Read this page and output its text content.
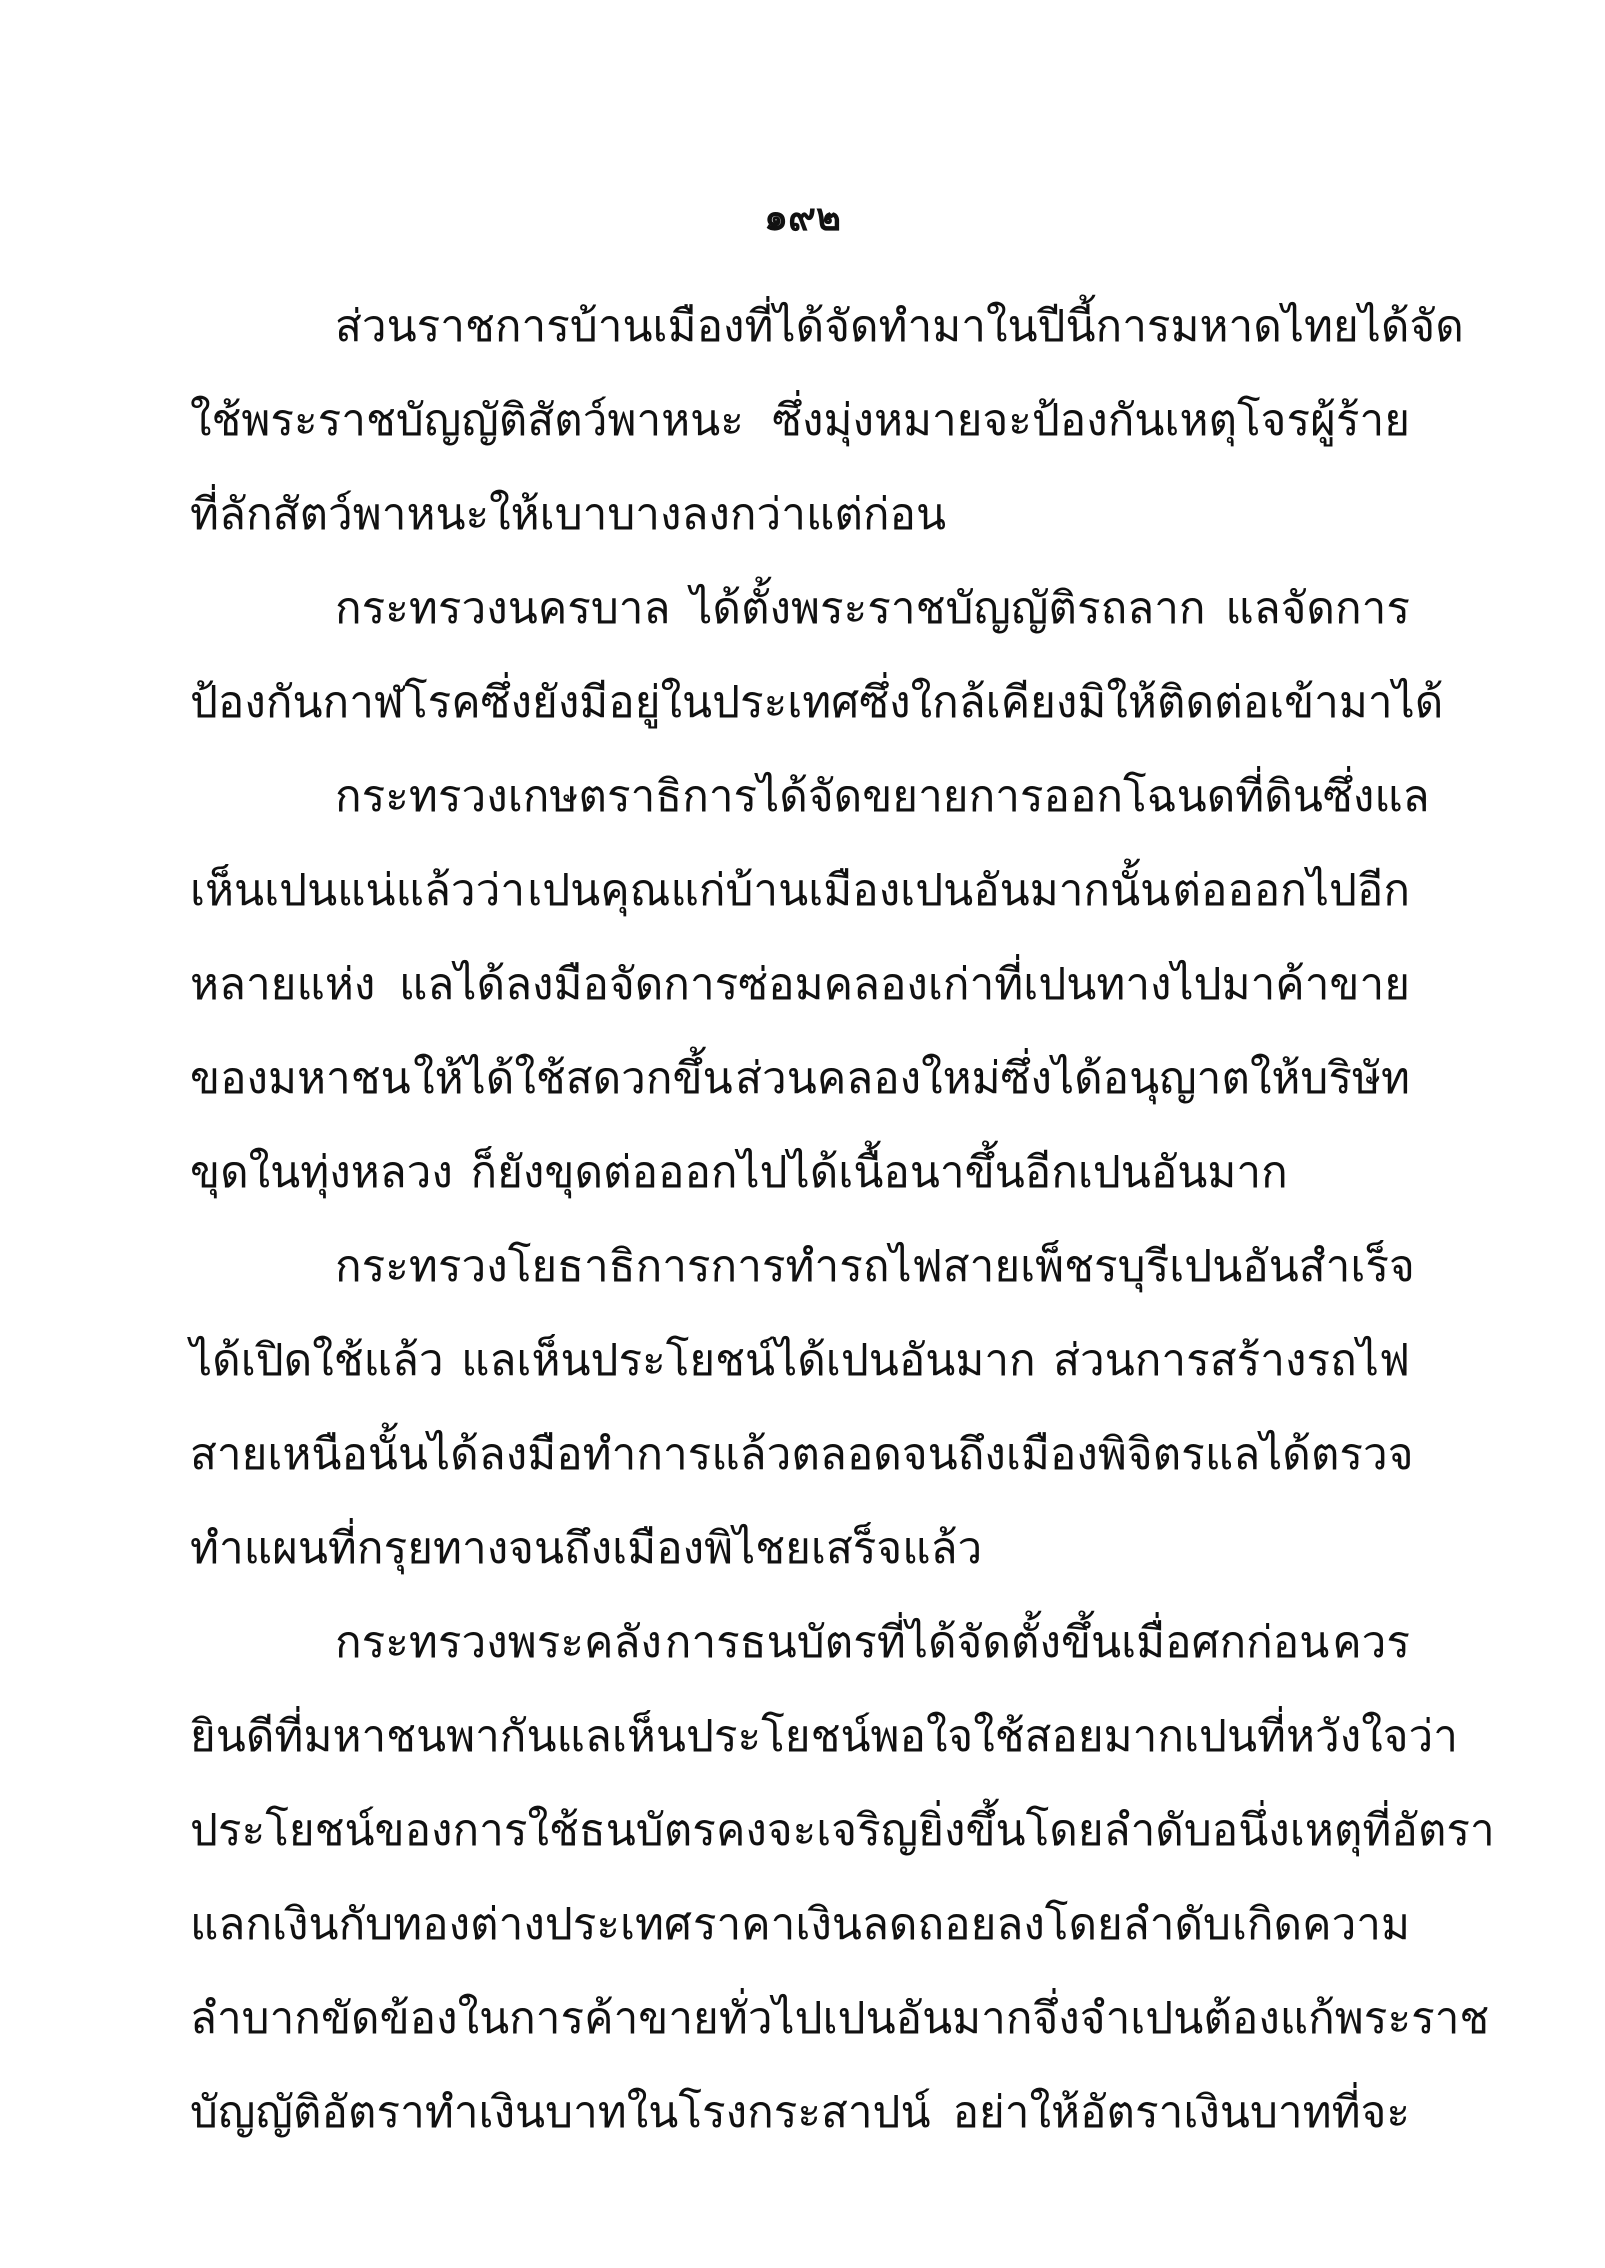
๑๙๒
ส่วนราชการบ้านเมืองที่ได้จัดทำมาในปีนี้ การมหาดไทยได้จัด
ใช้พระราชบัญญัติสัตว์พาหนะ ซึ่งมุ่งหมายจะป้องกันเหตุโจรผู้ร้าย
ที่ลักสัตว์พาหนะให้เบาบางลงกว่าแต่ก่อน
กระทรวงนครบาล ได้ตั้งพระราชบัญญัติรถลาก แลจัดการ
ป้องกันกาฬโรคซึ่งยังมีอยู่ในประเทศซึ่งใกล้เคียง มิให้ติดต่อเข้ามาได้
กระทรวงเกษตราธิการ ได้จัดขยายการออกโฉนดที่ดิน ซึ่งแล
เห็นเปนแน่แล้วว่า เปนคุณแก่บ้านเมืองเปนอันมากนั้น ต่อออกไปอีก
หลายแห่ง แลได้ลงมือจัดการซ่อมคลองเก่าที่เปนทางไปมาค้าขาย
ของมหาชน ให้ได้ใช้สดวกขึ้น ส่วนคลองใหม่ซึ่งได้อนุญาตให้บริษัท
ขุดในทุ่งหลวง ก็ยังขุดต่อออกไปได้เนื้อนาขึ้นอีกเปนอันมาก
กระทรวงโยธาธิการ การทำรถไฟสายเพ็ชรบุรีเปนอันสำเร็จ
ได้เปิดใช้แล้ว แลเห็นประโยชน์ได้เปนอันมาก ส่วนการสร้างรถไฟ
สายเหนือนั้น ได้ลงมือทำการแล้วตลอดจนถึงเมืองพิจิตร แลได้ตรวจ
ทำแผนที่กรุยทางจนถึงเมืองพิไชยเสร็จแล้ว
กระทรวงพระคลัง การธนบัตรที่ได้จัดตั้งขึ้นเมื่อศกก่อน ควร
ยินดีที่มหาชนพากันแลเห็นประโยชน์พอใจใช้สอยมาก เปนที่หวังใจว่า
ประโยชน์ของการใช้ธนบัตรคงจะเจริญยิ่งขึ้นโดยลำดับ อนึ่งเหตุที่อัตรา
แลกเงินกับทองต่างประเทศ ราคาเงินลดถอยลงโดยลำดับ เกิดความ
ลำบากขัดข้องในการค้าขายทั่วไปเปนอันมาก จึ่งจำเปนต้องแก้พระราช
บัญญัติอัตราทำเงินบาทในโรงกระสาปน์ อย่าให้อัตราเงินบาทที่จะ
